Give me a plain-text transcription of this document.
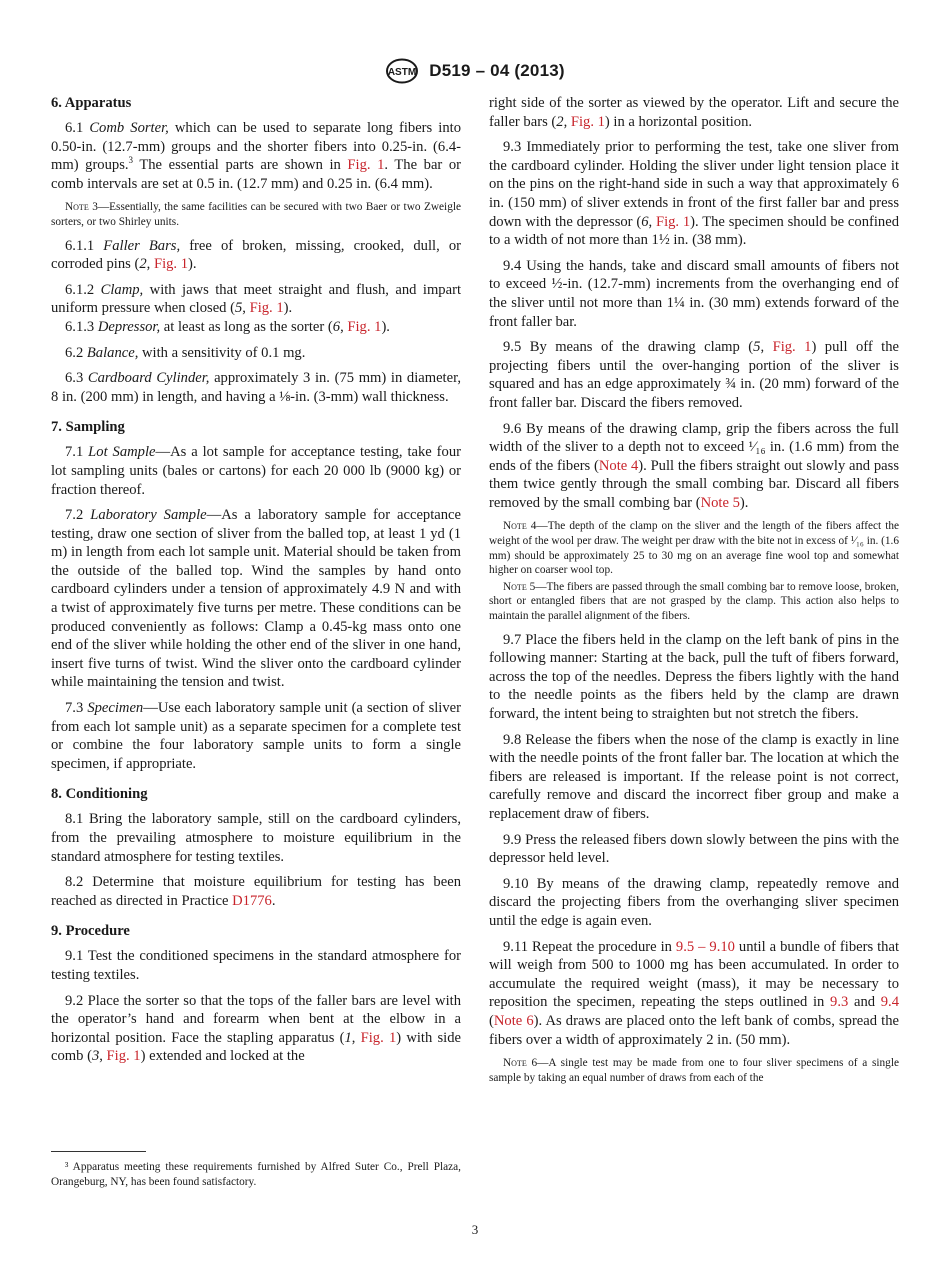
ASTM D519 – 04 (2013)
6. Apparatus

6.1 Comb Sorter, which can be used to separate long fibers into 0.50-in. (12.7-mm) groups and the shorter fibers into 0.25-in. (6.4-mm) groups.$^3$ The essential parts are shown in Fig. 1. The bar or comb intervals are set at 0.5 in. (12.7 mm) and 0.25 in. (6.4 mm).

Note 3—Essentially, the same facilities can be secured with two Baer or two Zweigle sorters, or two Shirley units.

6.1.1 Faller Bars, free of broken, missing, crooked, dull, or corroded pins (2, Fig. 1).

6.1.2 Clamp, with jaws that meet straight and flush, and impart uniform pressure when closed (5, Fig. 1).

6.1.3 Depressor, at least as long as the sorter (6, Fig. 1).

6.2 Balance, with a sensitivity of 0.1 mg.

6.3 Cardboard Cylinder, approximately 3 in. (75 mm) in diameter, 8 in. (200 mm) in length, and having a ⅛-in. (3-mm) wall thickness.

7. Sampling

7.1 Lot Sample—As a lot sample for acceptance testing, take four lot sampling units (bales or cartons) for each 20 000 lb (9000 kg) or fraction thereof.

7.2 Laboratory Sample—As a laboratory sample for acceptance testing, draw one section of sliver from the balled top, at least 1 yd (1 m) in length from each lot sample unit. Material should be taken from the outside of the balled top. Wind the samples by hand onto cardboard cylinders under a tension of approximately 4.9 N and with a twist of approximately five turns per metre. These conditions can be produced conveniently as follows: Clamp a 0.45-kg mass onto one end of the sliver while holding the other end of the sliver in one hand, insert five turns of twist. Wind the sliver onto the cardboard cylinder while maintaining the tension and twist.

7.3 Specimen—Use each laboratory sample unit (a section of sliver from each lot sample unit) as a separate specimen for a complete test or combine the four laboratory sample units to form a single specimen, if appropriate.

8. Conditioning

8.1 Bring the laboratory sample, still on the cardboard cylinders, from the prevailing atmosphere to moisture equilibrium in the standard atmosphere for testing textiles.

8.2 Determine that moisture equilibrium for testing has been reached as directed in Practice D1776.

9. Procedure

9.1 Test the conditioned specimens in the standard atmosphere for testing textiles.

9.2 Place the sorter so that the tops of the faller bars are level with the operator’s hand and forearm when bent at the elbow in a horizontal position. Face the stapling apparatus (1, Fig. 1) with side comb (3, Fig. 1) extended and locked at the

right side of the sorter as viewed by the operator. Lift and secure the faller bars (2, Fig. 1) in a horizontal position.

9.3 Immediately prior to performing the test, take one sliver from the cardboard cylinder. Holding the sliver under light tension place it on the pins on the right-hand side in such a way that approximately 6 in. (150 mm) of sliver extends in front of the first faller bar and press down with the depressor (6, Fig. 1). The specimen should be confined to a width of not more than 1½ in. (38 mm).

9.4 Using the hands, take and discard small amounts of fibers not to exceed ½-in. (12.7-mm) increments from the overhanging end of the sliver until not more than 1¼ in. (30 mm) extends forward of the front faller bar.

9.5 By means of the drawing clamp (5, Fig. 1) pull off the projecting fibers until the over-hanging portion of the sliver is squared and has an edge approximately ¾ in. (20 mm) forward of the front faller bar. Discard the fibers removed.

9.6 By means of the drawing clamp, grip the fibers across the full width of the sliver to a depth not to exceed ¹⁄₁₆ in. (1.6 mm) from the ends of the fibers (Note 4). Pull the fibers straight out slowly and pass them twice gently through the small combing bar. Discard all fibers removed by the small combing bar (Note 5).

Note 4—The depth of the clamp on the sliver and the length of the fibers affect the weight of the wool per draw. The weight per draw with the bite not in excess of ¹⁄₁₆ in. (1.6 mm) should be approximately 25 to 30 mg on an average fine wool top and somewhat higher on coarser wool top.

Note 5—The fibers are passed through the small combing bar to remove loose, broken, short or entangled fibers that are not grasped by the clamp. This action also helps to maintain the parallel alignment of the fibers.

9.7 Place the fibers held in the clamp on the left bank of pins in the following manner: Starting at the back, pull the tuft of fibers forward, across the top of the needles. Depress the fibers lightly with the hand to the needle points as the fibers held by the clamp are drawn forward, the intent being to straighten but not stretch the fibers.

9.8 Release the fibers when the nose of the clamp is exactly in line with the needle points of the front faller bar. The location at which the fibers are released is important. If the release point is not correct, carefully remove and discard the incorrect fiber group and make a replacement draw of fibers.

9.9 Press the released fibers down slowly between the pins with the depressor held level.

9.10 By means of the drawing clamp, repeatedly remove and discard the projecting fibers from the overhanging sliver specimen until the edge is again even.

9.11 Repeat the procedure in 9.5 – 9.10 until a bundle of fibers that will weigh from 500 to 1000 mg has been accumulated. In order to accumulate the required weight (mass), it may be necessary to reposition the specimen, repeating the steps outlined in 9.3 and 9.4 (Note 6). As draws are placed onto the left bank of combs, spread the fibers over a width of approximately 2 in. (50 mm).

Note 6—A single test may be made from one to four sliver specimens of a single sample by taking an equal number of draws from each of the

³ Apparatus meeting these requirements furnished by Alfred Suter Co., Prell Plaza, Orangeburg, NY, has been found satisfactory.
3
